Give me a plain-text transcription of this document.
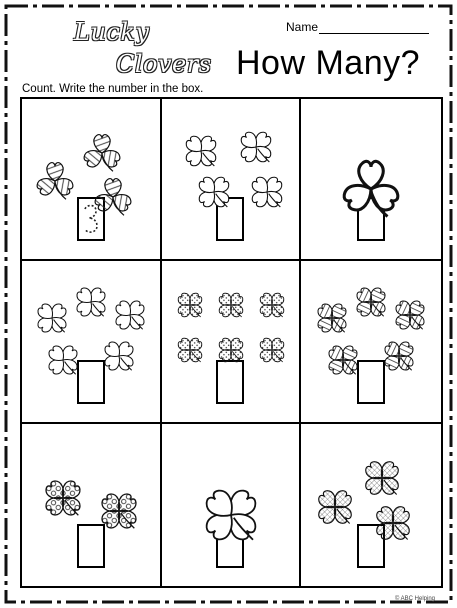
Lucky
Clovers
Name
How Many?
Count. Write the number in the box.
© ABC Helping
